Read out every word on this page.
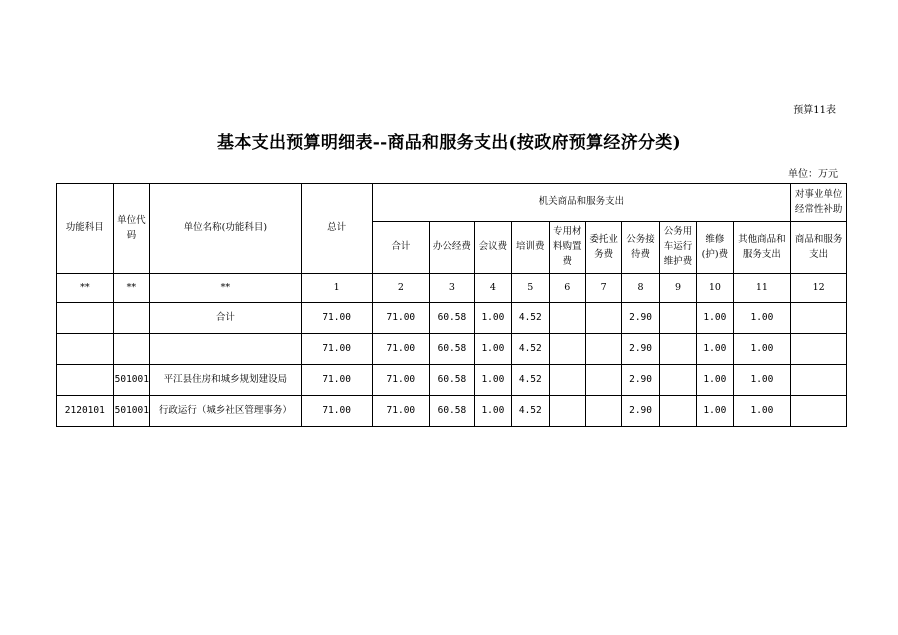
预算11表
基本支出预算明细表--商品和服务支出(按政府预算经济分类)
单位：万元
功能科目	单位代码	单位名称(功能科目)	总计	机关商品和服务支出										对事业单位经常性补助
				合计	办公经费	会议费	培训费	专用材料购置费	委托业务费	公务接待费	公务用车运行维护费	维修(护)费	其他商品和服务支出	商品和服务支出
**	**	**	1	2	3	4	5	6	7	8	9	10	11	12
		合计	71.00	71.00	60.58	1.00	4.52			2.90		1.00	1.00	
			71.00	71.00	60.58	1.00	4.52			2.90		1.00	1.00	
	501001	平江县住房和城乡规划建设局	71.00	71.00	60.58	1.00	4.52			2.90		1.00	1.00	
2120101	501001	行政运行（城乡社区管理事务）	71.00	71.00	60.58	1.00	4.52			2.90		1.00	1.00	
